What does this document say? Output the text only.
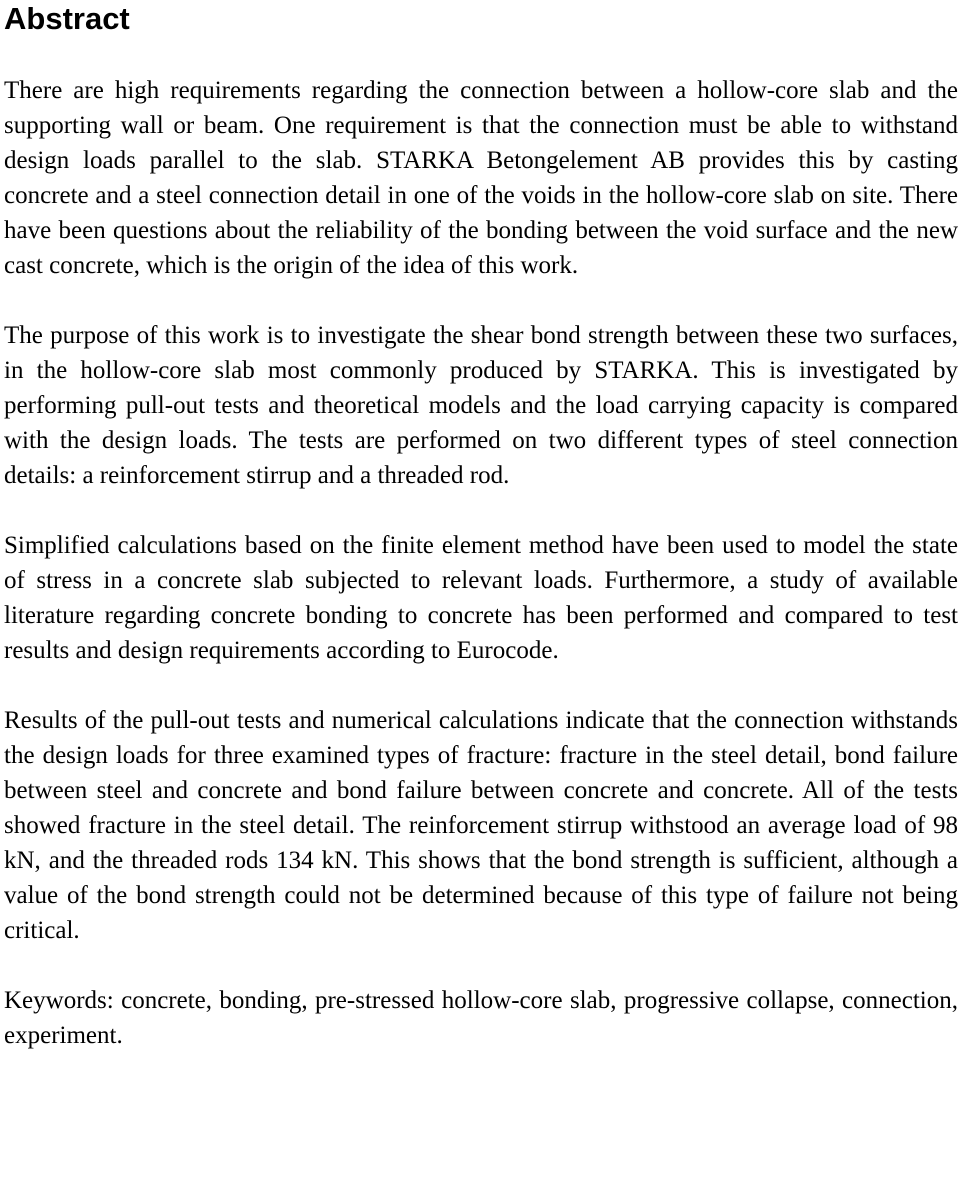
Abstract

There are high requirements regarding the connection between a hollow-core slab and the supporting wall or beam. One requirement is that the connection must be able to withstand design loads parallel to the slab. STARKA Betongelement AB provides this by casting concrete and a steel connection detail in one of the voids in the hollow-core slab on site. There have been questions about the reliability of the bonding between the void surface and the new cast concrete, which is the origin of the idea of this work.

The purpose of this work is to investigate the shear bond strength between these two surfaces, in the hollow-core slab most commonly produced by STARKA. This is investigated by performing pull-out tests and theoretical models and the load carrying capacity is compared with the design loads. The tests are performed on two different types of steel connection details: a reinforcement stirrup and a threaded rod.

Simplified calculations based on the finite element method have been used to model the state of stress in a concrete slab subjected to relevant loads. Furthermore, a study of available literature regarding concrete bonding to concrete has been performed and compared to test results and design requirements according to Eurocode.

Results of the pull-out tests and numerical calculations indicate that the connection withstands the design loads for three examined types of fracture: fracture in the steel detail, bond failure between steel and concrete and bond failure between concrete and concrete. All of the tests showed fracture in the steel detail. The reinforcement stirrup withstood an average load of 98 kN, and the threaded rods 134 kN. This shows that the bond strength is sufficient, although a value of the bond strength could not be determined because of this type of failure not being critical.

Keywords: concrete, bonding, pre-stressed hollow-core slab, progressive collapse, connection, experiment.
